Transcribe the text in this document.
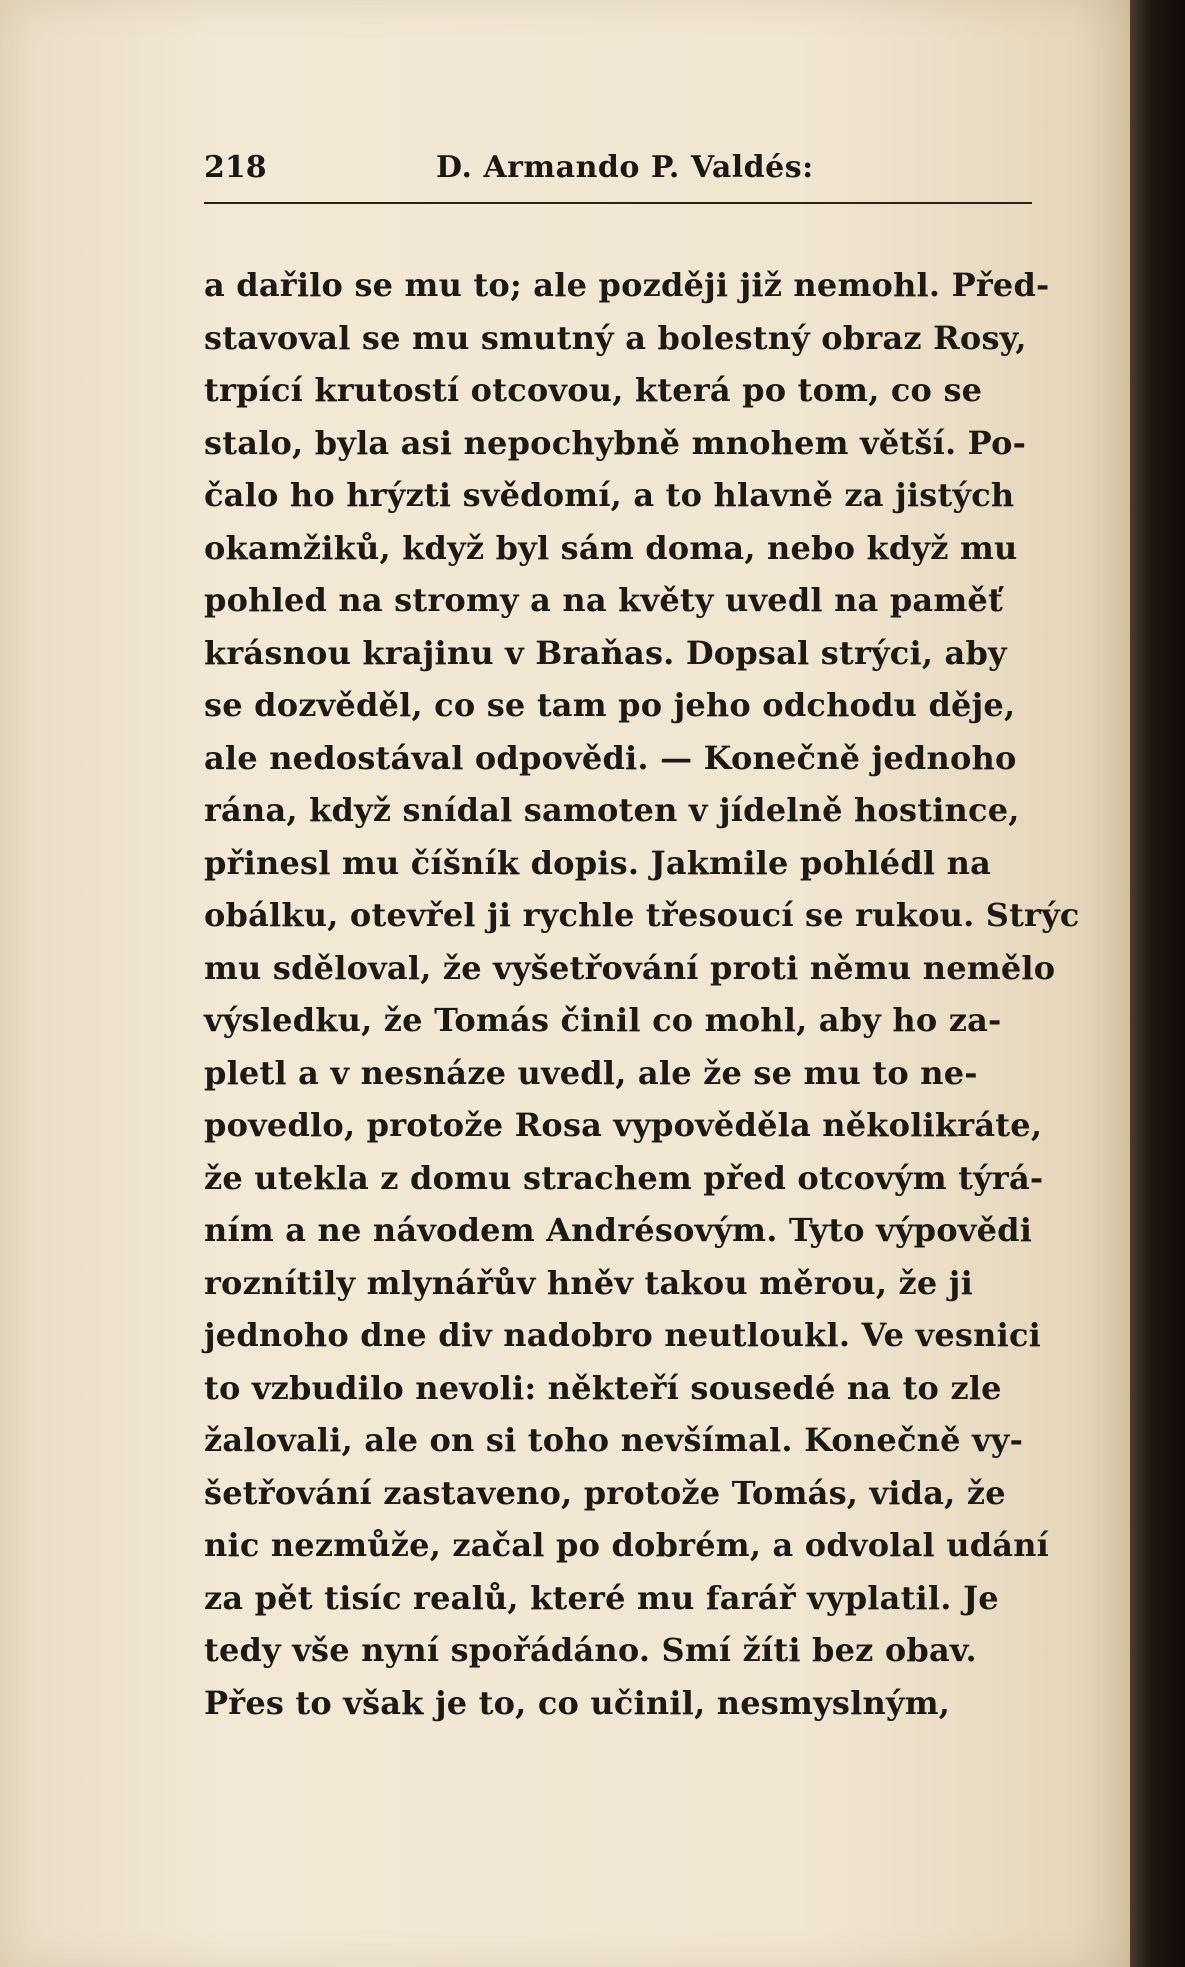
218	D. Armando P. Valdés:
a dařilo se mu to; ale později již nemohl. Před-
stavoval se mu smutný a bolestný obraz Rosy,
trpící krutostí otcovou, která po tom, co se
stalo, byla asi nepochybně mnohem větší. Po-
čalo ho hrýzti svědomí, a to hlavně za jistých
okamžiků, když byl sám doma, nebo když mu
pohled na stromy a na květy uvedl na paměť
krásnou krajinu v Braňas. Dopsal strýci, aby
se dozvěděl, co se tam po jeho odchodu děje,
ale nedostával odpovědi. — Konečně jednoho
rána, když snídal samoten v jídelně hostince,
přinesl mu číšník dopis. Jakmile pohlédl na
obálku, otevřel ji rychle třesoucí se rukou. Strýc
mu sděloval, že vyšetřování proti němu nemělo
výsledku, že Tomás činil co mohl, aby ho za-
pletl a v nesnáze uvedl, ale že se mu to ne-
povedlo, protože Rosa vypověděla několikráte,
že utekla z domu strachem před otcovým týrá-
ním a ne návodem Andrésovým. Tyto výpovědi
roznítily mlynářův hněv takou měrou, že ji
jednoho dne div nadobro neutloukl. Ve vesnici
to vzbudilo nevoli: někteří sousedé na to zle
žalovali, ale on si toho nevšímal. Konečně vy-
šetřování zastaveno, protože Tomás, vida, že
nic nezmůže, začal po dobrém, a odvolal udání
za pět tisíc realů, které mu farář vyplatil. Je
tedy vše nyní spořádáno. Smí žíti bez obav.
Přes to však je to, co učinil, nesmyslným,
